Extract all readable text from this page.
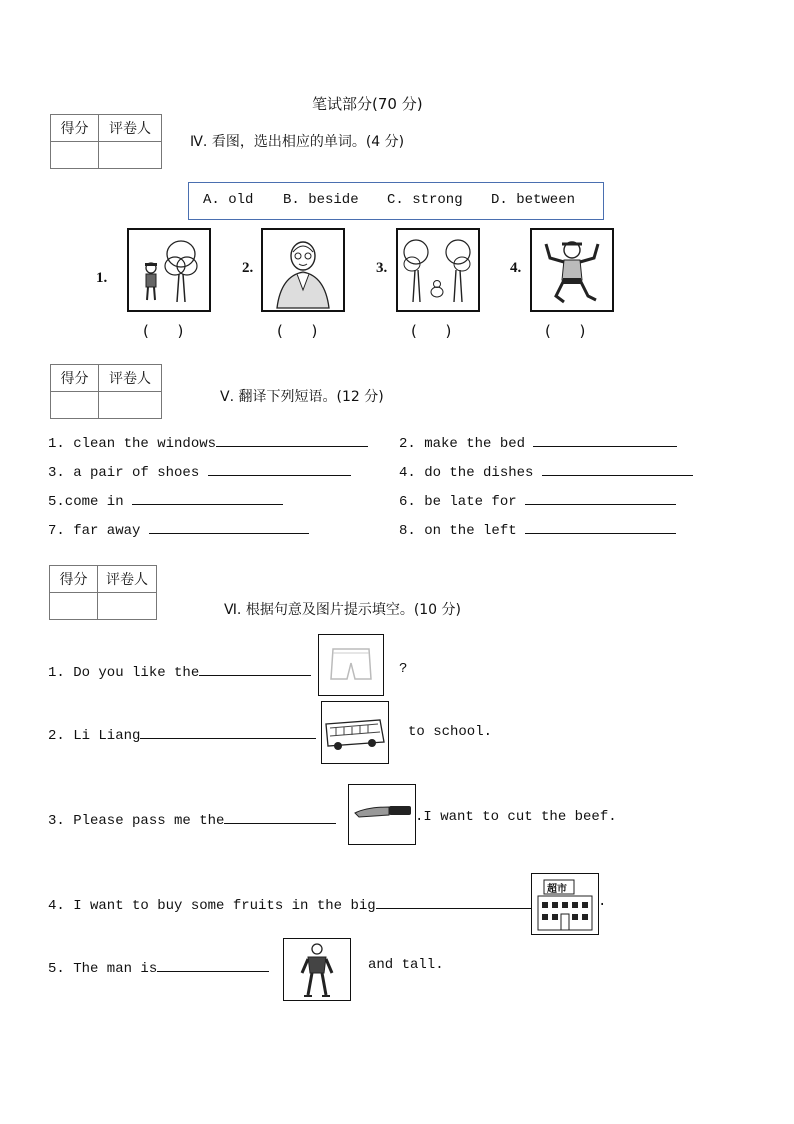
笔试部分(70 分)
得分	评卷人

Ⅳ. 看图，选出相应的单词。(4 分)
A. old B. beside C. strong D. between
1.
(      )
2.
(      )
3.
(      )
4.
(      )
得分	评卷人

Ⅴ. 翻译下列短语。(12 分)
1. clean the windows	2. make the bed
3. a pair of shoes	4. do the dishes
5.come in	6. be late for
7. far away	8. on the left
得分	评卷人

Ⅵ. 根据句意及图片提示填空。(10 分)
1. Do you like the	?
2. Li Liang	to school.
3. Please pass me the	.I want to cut the beef.
4. I want to buy some fruits in the big
超市
.
5. The man is	and tall.
